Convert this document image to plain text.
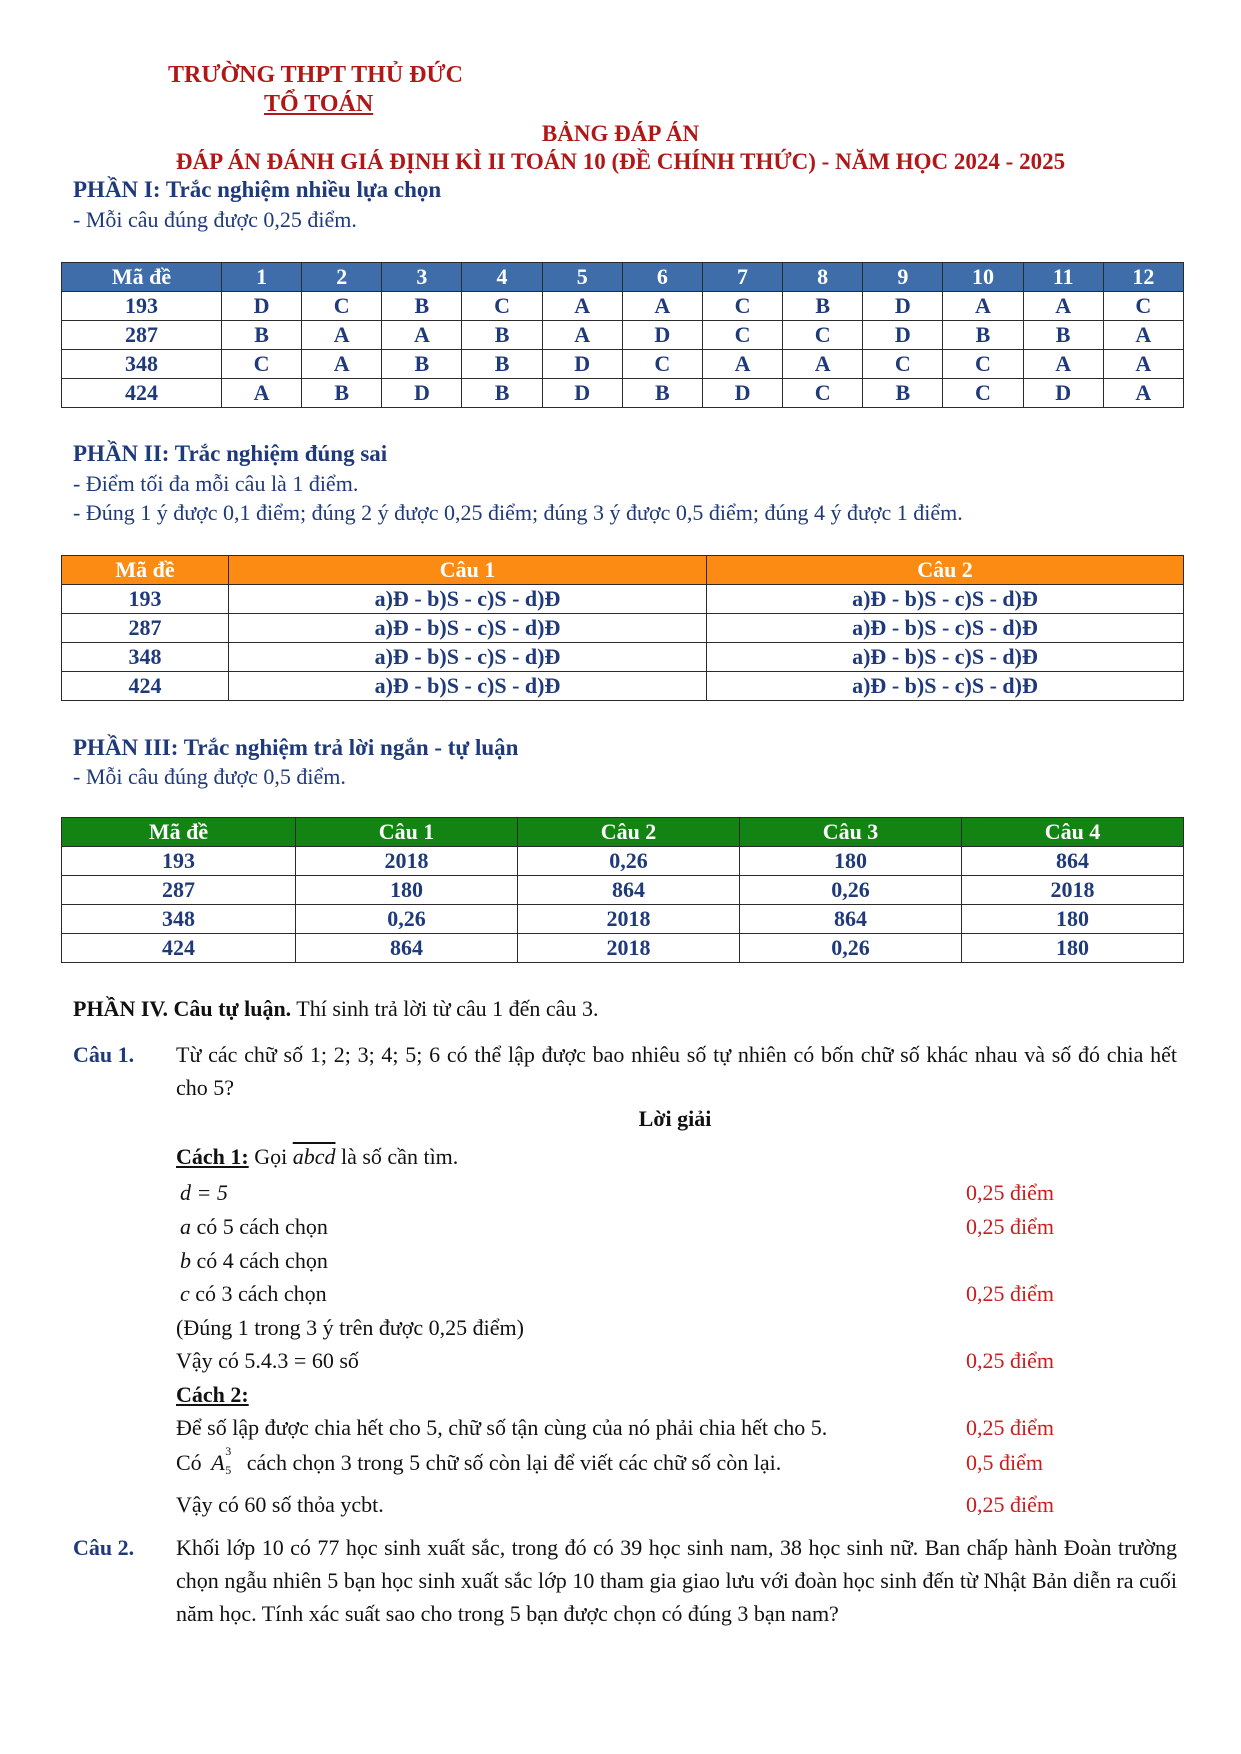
TRƯỜNG THPT THỦ ĐỨC
TỔ TOÁN
BẢNG ĐÁP ÁN
ĐÁP ÁN ĐÁNH GIÁ ĐỊNH KÌ II TOÁN 10 (ĐỀ CHÍNH THỨC) - NĂM HỌC 2024 - 2025
PHẦN I: Trắc nghiệm nhiều lựa chọn
- Mỗi câu đúng được 0,25 điểm.
Mã đề	1	2	3	4	5	6	7	8	9	10	11	12
193	D	C	B	C	A	A	C	B	D	A	A	C
287	B	A	A	B	A	D	C	C	D	B	B	A
348	C	A	B	B	D	C	A	A	C	C	A	A
424	A	B	D	B	D	B	D	C	B	C	D	A
PHẦN II: Trắc nghiệm đúng sai
- Điểm tối đa mỗi câu là 1 điểm.
- Đúng 1 ý được 0,1 điểm; đúng 2 ý được 0,25 điểm; đúng 3 ý được 0,5 điểm; đúng 4 ý được 1 điểm.
Mã đề	Câu 1	Câu 2
193	a)Đ - b)S - c)S - d)Đ	a)Đ - b)S - c)S - d)Đ
287	a)Đ - b)S - c)S - d)Đ	a)Đ - b)S - c)S - d)Đ
348	a)Đ - b)S - c)S - d)Đ	a)Đ - b)S - c)S - d)Đ
424	a)Đ - b)S - c)S - d)Đ	a)Đ - b)S - c)S - d)Đ
PHẦN III: Trắc nghiệm trả lời ngắn - tự luận
- Mỗi câu đúng được 0,5 điểm.
Mã đề	Câu 1	Câu 2	Câu 3	Câu 4
193	2018	0,26	180	864
287	180	864	0,26	2018
348	0,26	2018	864	180
424	864	2018	0,26	180
PHẦN IV. Câu tự luận. Thí sinh trả lời từ câu 1 đến câu 3.
Câu 1. Từ các chữ số 1; 2; 3; 4; 5; 6 có thể lập được bao nhiêu số tự nhiên có bốn chữ số khác nhau và số đó chia hết cho 5?
Lời giải
Cách 1: Gọi abcd là số cần tìm.
d = 5	0,25 điểm
a có 5 cách chọn	0,25 điểm
b có 4 cách chọn
c có 3 cách chọn	0,25 điểm
(Đúng 1 trong 3 ý trên được 0,25 điểm)
Vậy có 5.4.3 = 60 số	0,25 điểm
Cách 2:
Để số lập được chia hết cho 5, chữ số tận cùng của nó phải chia hết cho 5.	0,25 điểm
Có A 3
5 cách chọn 3 trong 5 chữ số còn lại để viết các chữ số còn lại.	0,5 điểm
Vậy có 60 số thỏa ycbt.	0,25 điểm
Câu 2. Khối lớp 10 có 77 học sinh xuất sắc, trong đó có 39 học sinh nam, 38 học sinh nữ. Ban chấp hành Đoàn trường chọn ngẫu nhiên 5 bạn học sinh xuất sắc lớp 10 tham gia giao lưu với đoàn học sinh đến từ Nhật Bản diễn ra cuối năm học. Tính xác suất sao cho trong 5 bạn được chọn có đúng 3 bạn nam?
